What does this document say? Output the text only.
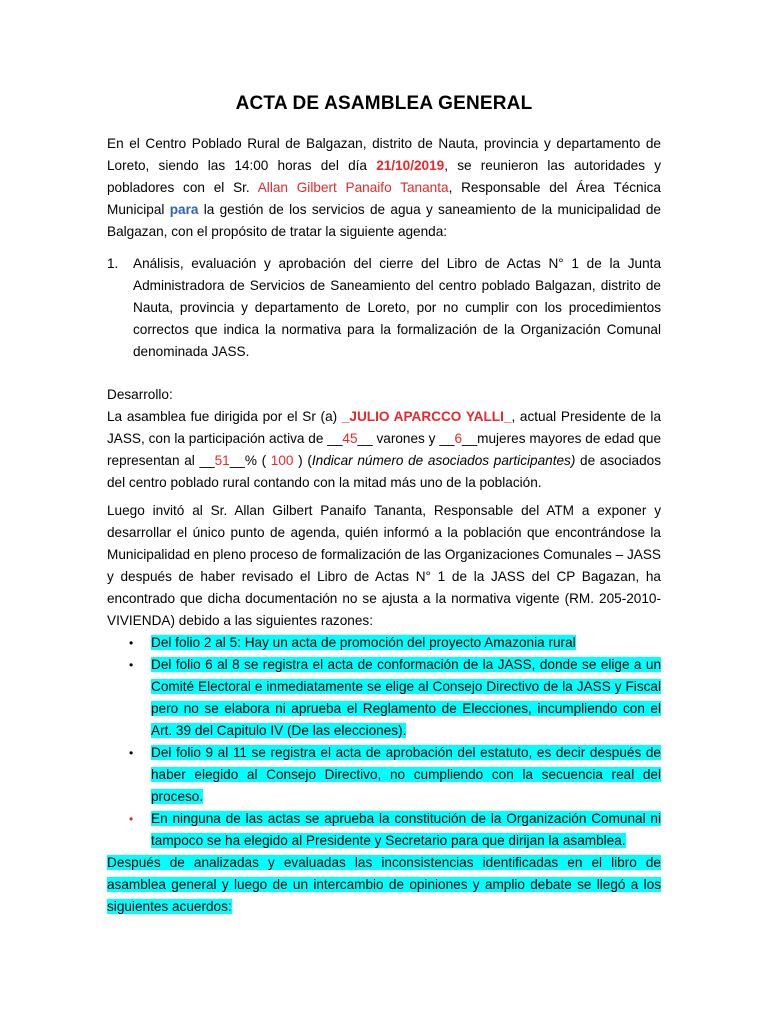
ACTA DE ASAMBLEA GENERAL
En el Centro Poblado Rural de Balgazan, distrito de Nauta, provincia y departamento de Loreto, siendo las 14:00 horas del día 21/10/2019, se reunieron las autoridades y pobladores con el Sr. Allan Gilbert Panaifo Tananta, Responsable del Área Técnica Municipal para la gestión de los servicios de agua y saneamiento de la municipalidad de Balgazan, con el propósito de tratar la siguiente agenda:
1. Análisis, evaluación y aprobación del cierre del Libro de Actas N° 1 de la Junta Administradora de Servicios de Saneamiento del centro poblado Balgazan, distrito de Nauta, provincia y departamento de Loreto, por no cumplir con los procedimientos correctos que indica la normativa para la formalización de la Organización Comunal denominada JASS.
Desarrollo:
La asamblea fue dirigida por el Sr (a) _JULIO APARCCO YALLI_, actual Presidente de la JASS, con la participación activa de __45__ varones y __6__mujeres mayores de edad que representan al __51__% ( 100 ) (Indicar número de asociados participantes) de asociados del centro poblado rural contando con la mitad más uno de la población.
Luego invitó al Sr. Allan Gilbert Panaifo Tananta, Responsable del ATM a exponer y desarrollar el único punto de agenda, quién informó a la población que encontrándose la Municipalidad en pleno proceso de formalización de las Organizaciones Comunales – JASS y después de haber revisado el Libro de Actas N° 1 de la JASS del CP Bagazan, ha encontrado que dicha documentación no se ajusta a la normativa vigente (RM. 205-2010-VIVIENDA) debido a las siguientes razones:
• Del folio 2 al 5: Hay un acta de promoción del proyecto Amazonia rural
• Del folio 6 al 8 se registra el acta de conformación de la JASS, donde se elige a un Comité Electoral e inmediatamente se elige al Consejo Directivo de la JASS y Fiscal pero no se elabora ni aprueba el Reglamento de Elecciones, incumpliendo con el Art. 39 del Capitulo IV (De las elecciones).
• Del folio 9 al 11 se registra el acta de aprobación del estatuto, es decir después de haber elegido al Consejo Directivo, no cumpliendo con la secuencia real del proceso.
• En ninguna de las actas se aprueba la constitución de la Organización Comunal ni tampoco se ha elegido al Presidente y Secretario para que dirijan la asamblea.
Después de analizadas y evaluadas las inconsistencias identificadas en el libro de asamblea general y luego de un intercambio de opiniones y amplio debate se llegó a los siguientes acuerdos:
